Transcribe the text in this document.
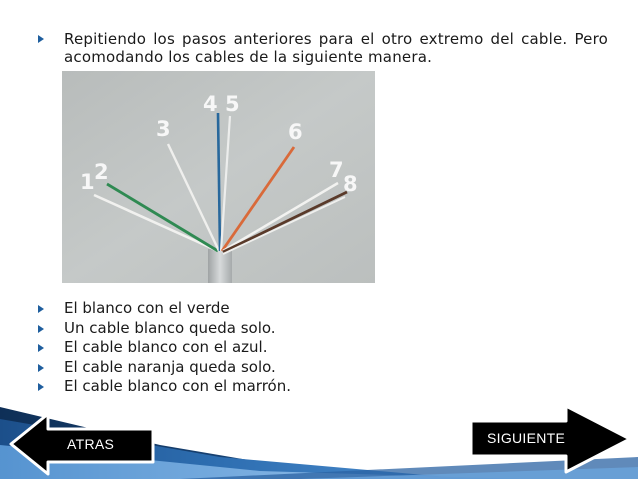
Repitiendo los pasos anteriores para el otro extremo del cable. Pero acomodando los cables de la siguiente manera.
1 2
3
4 5
6
7
8
El blanco con el verde
Un cable blanco queda solo.
El cable blanco con el azul.
El cable naranja queda solo.
El cable blanco con el marrón.
ATRAS	SIGUIENTE
